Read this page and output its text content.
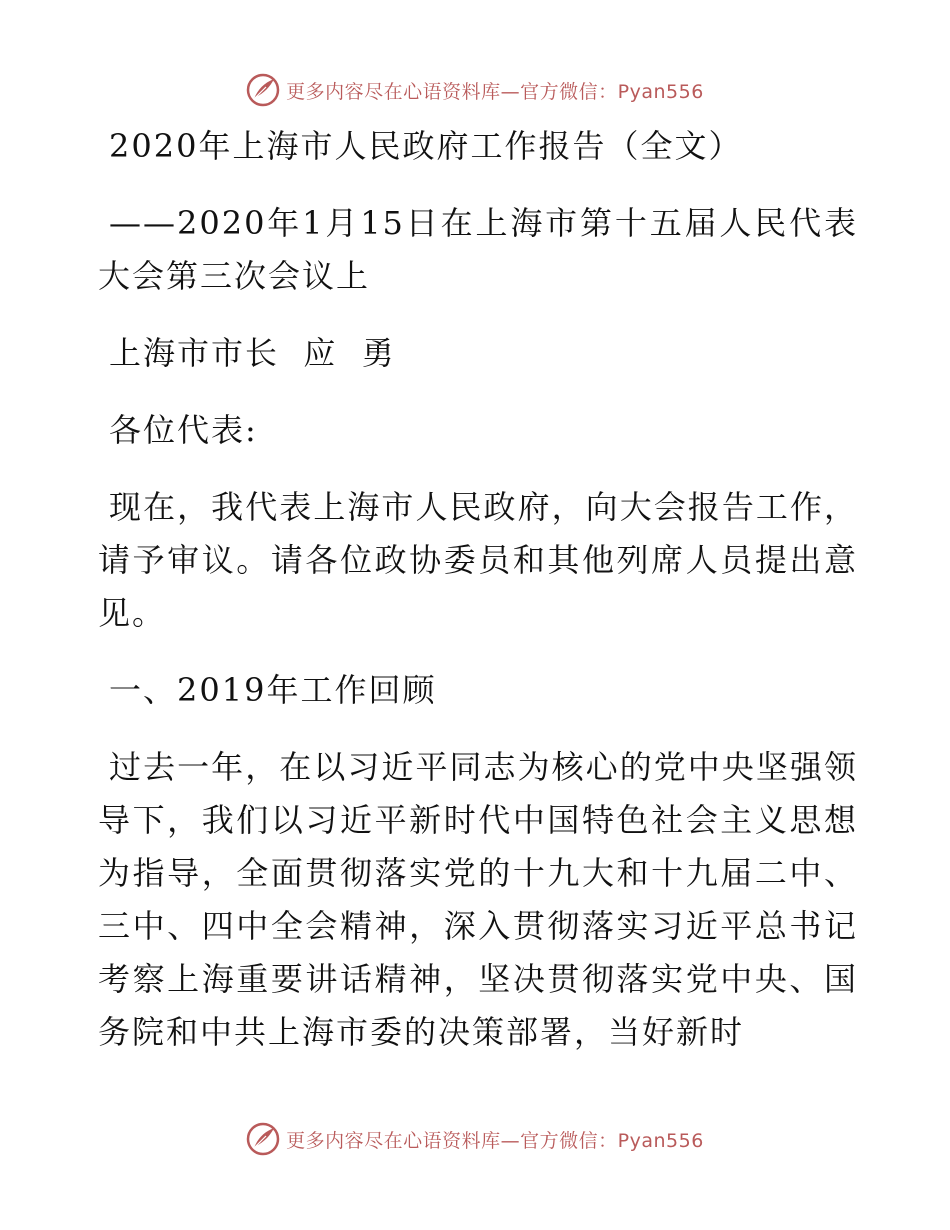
更多内容尽在心语资料库—官方微信：Pyan556

2020年上海市人民政府工作报告（全文）

——2020年1月15日在上海市第十五届人民代表大会第三次会议上

上海市市长  应  勇

各位代表:

现在，我代表上海市人民政府，向大会报告工作，请予审议。请各位政协委员和其他列席人员提出意见。

一、2019年工作回顾

过去一年，在以习近平同志为核心的党中央坚强领导下，我们以习近平新时代中国特色社会主义思想为指导，全面贯彻落实党的十九大和十九届二中、三中、四中全会精神，深入贯彻落实习近平总书记考察上海重要讲话精神，坚决贯彻落实党中央、国务院和中共上海市委的决策部署，当好新时

更多内容尽在心语资料库—官方微信：Pyan556
